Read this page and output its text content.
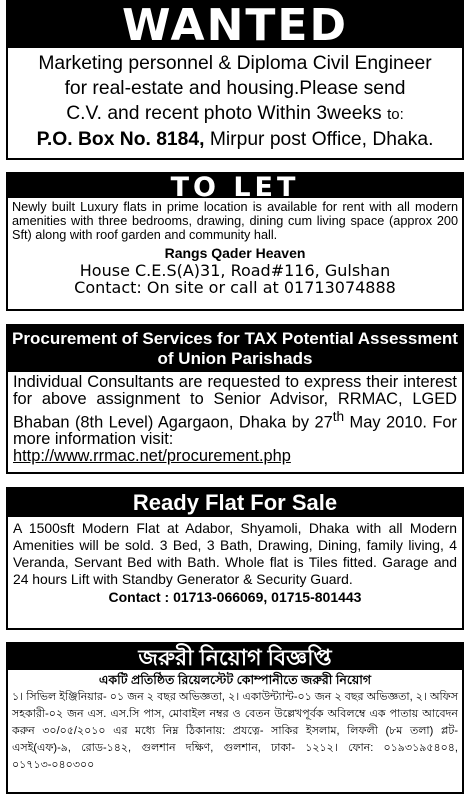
WANTED
Marketing personnel & Diploma Civil Engineer
for real-estate and housing.Please send
C.V. and recent photo Within 3weeks to:
P.O. Box No. 8184, Mirpur post Office, Dhaka.
TO LET
Newly built Luxury flats in prime location is available for rent with all modern amenities with three bedrooms, drawing, dining cum living space (approx 200 Sft) along with roof garden and community hall.
Rangs Qader Heaven
House C.E.S(A)31, Road#116, Gulshan
Contact: On site or call at 01713074888
Procurement of Services for TAX Potential Assessment of Union Parishads
Individual Consultants are requested to express their interest for above assignment to Senior Advisor, RRMAC, LGED Bhaban (8th Level) Agargaon, Dhaka by 27th May 2010. For more information visit:
http://www.rrmac.net/procurement.php
Ready Flat For Sale
A 1500sft Modern Flat at Adabor, Shyamoli, Dhaka with all Modern Amenities will be sold. 3 Bed, 3 Bath, Drawing, Dining, family living, 4 Veranda, Servant Bed with Bath. Whole flat is Tiles fitted. Garage and 24 hours Lift with Standby Generator & Security Guard.
Contact : 01713-066069, 01715-801443
জরুরী নিয়োগ বিজ্ঞপ্তি
একটি প্রতিষ্ঠিত রিয়েলস্টেট কোম্পানীতে জরুরী নিয়োগ
১। সিভিল ইঞ্জিনিয়ার- ০১ জন ২ বছর অভিজ্ঞতা, ২। একাউন্ট্যান্ট-০১ জন ২ বছর অভিজ্ঞতা, ২। অফিস সহকারী-০২ জন এস. এস.সি পাস, মোবাইল নম্বর ও বেতন উল্লেখপূর্বক অবিলম্বে এক পাতায় আবেদন করুন ৩০/০৫/২০১০ এর মধ্যে নিম্ন ঠিকানায়: প্রযত্নে- সাকির ইসলাম, লিফলী (৮ম তলা) প্লট- এসই(এফ)-৯, রোড-১৪২, গুলশান দক্ষিণ, গুলশান, ঢাকা- ১২১২। ফোন: ০১৯৩১৯৫৪০৪, ০১৭১৩-০৪০৩০০
